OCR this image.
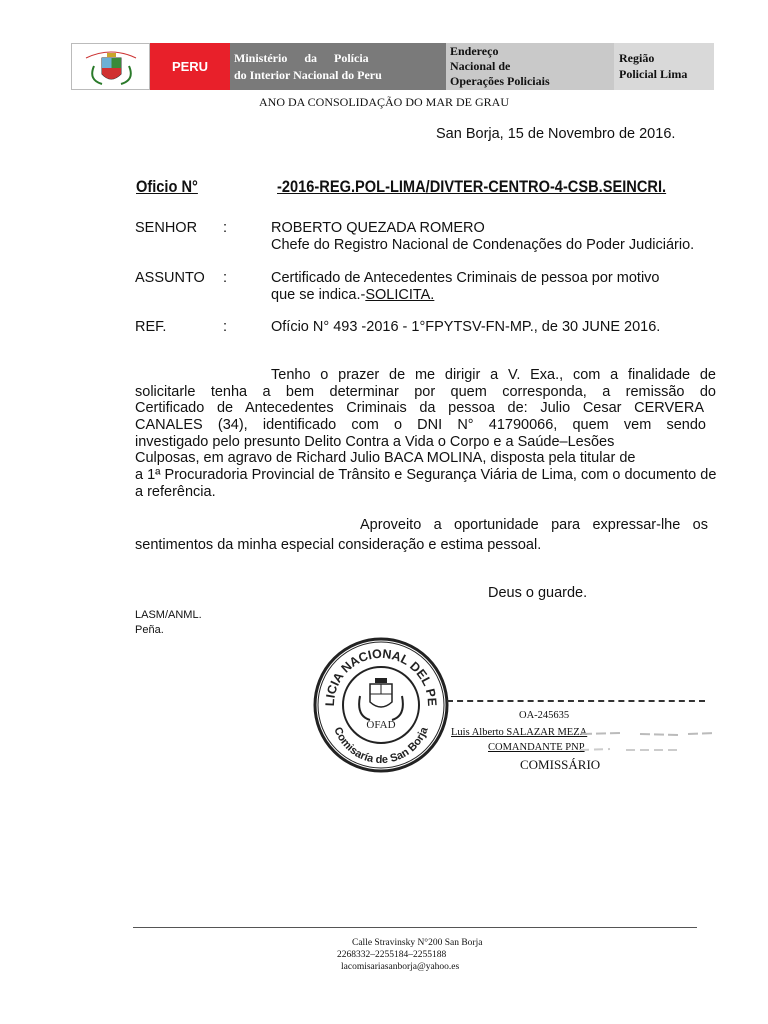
PERU
Ministério da Polícia
do Interior Nacional do Peru
Endereço
Nacional de
Operações Policiais
Região
Policial Lima
ANO DA CONSOLIDAÇÃO DO MAR DE GRAU
San Borja, 15 de Novembro de 2016.
Oficio N°	-2016-REG.POL-LIMA/DIVTER-CENTRO-4-CSB.SEINCRI.
SENHOR :	ROBERTO QUEZADA ROMERO
Chefe do Registro Nacional de Condenações do Poder Judiciário.
ASSUNTO :	Certificado de Antecedentes Criminais de pessoa por motivo
que se indica.-SOLICITA.
REF.	:	Ofício N° 493 -2016 - 1°FPYTSV-FN-MP., de 30 JUNE 2016.
Tenho o prazer de me dirigir a V. Exa., com a finalidade de
solicitarle tenha a bem determinar por quem corresponda, a remissão do
Certificado de Antecedentes Criminais da pessoa de: Julio Cesar CERVERA
CANALES (34), identificado com o DNI N° 41790066, quem vem sendo
investigado pelo presunto Delito Contra a Vida o Corpo e a Saúde–Lesões
Culposas, em agravo de Richard Julio BACA MOLINA, disposta pela titular de
a 1ª Procuradoria Provincial de Trânsito e Segurança Viária de Lima, com o documento de
a referência.
Aproveito a oportunidade para expressar-lhe os
sentimentos da minha especial consideração e estima pessoal.
Deus o guarde.
LASM/ANML.
Peña.
LICIA NACIONAL DEL PE
Comisaría de San Borja
OFAD
OA-245635
Luis Alberto SALAZAR MEZA
COMANDANTE PNP
COMISSÁRIO
Calle Stravinsky N°200 San Borja
2268332–2255184–2255188
lacomisariasanborja@yahoo.es
